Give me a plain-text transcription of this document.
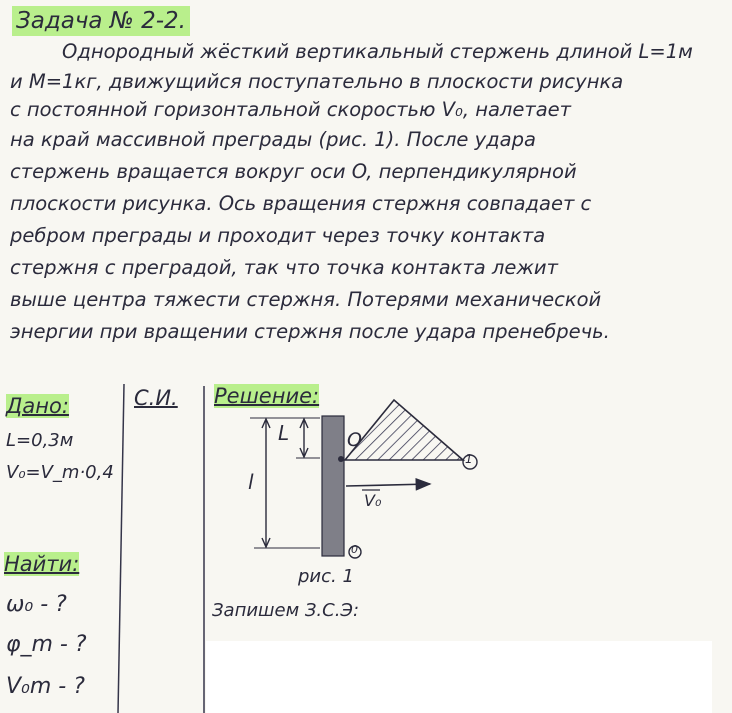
Задача № 2-2.
Однородный жёсткий вертикальный стержень длиной L=1м
и M=1кг, движущийся поступательно в плоскости рисунка
с постоянной горизонтальной скоростью V₀, налетает
на край массивной преграды (рис. 1). После удара
стержень вращается вокруг оси O, перпендикулярной
плоскости рисунка. Ось вращения стержня совпадает с
ребром преграды и проходит через точку контакта
стержня с преградой, так что точка контакта лежит
выше центра тяжести стержня. Потерями механической
энергии при вращении стержня после удара пренебречь.
Дано:
L=0,3м
V₀=V_m·0,4
С.И. Решение:
Найти:
ω₀ - ?
φ_m - ?
V₀m - ?
рис. 1
Запишем З.С.Э:
O
L
l
V₀
1
0
